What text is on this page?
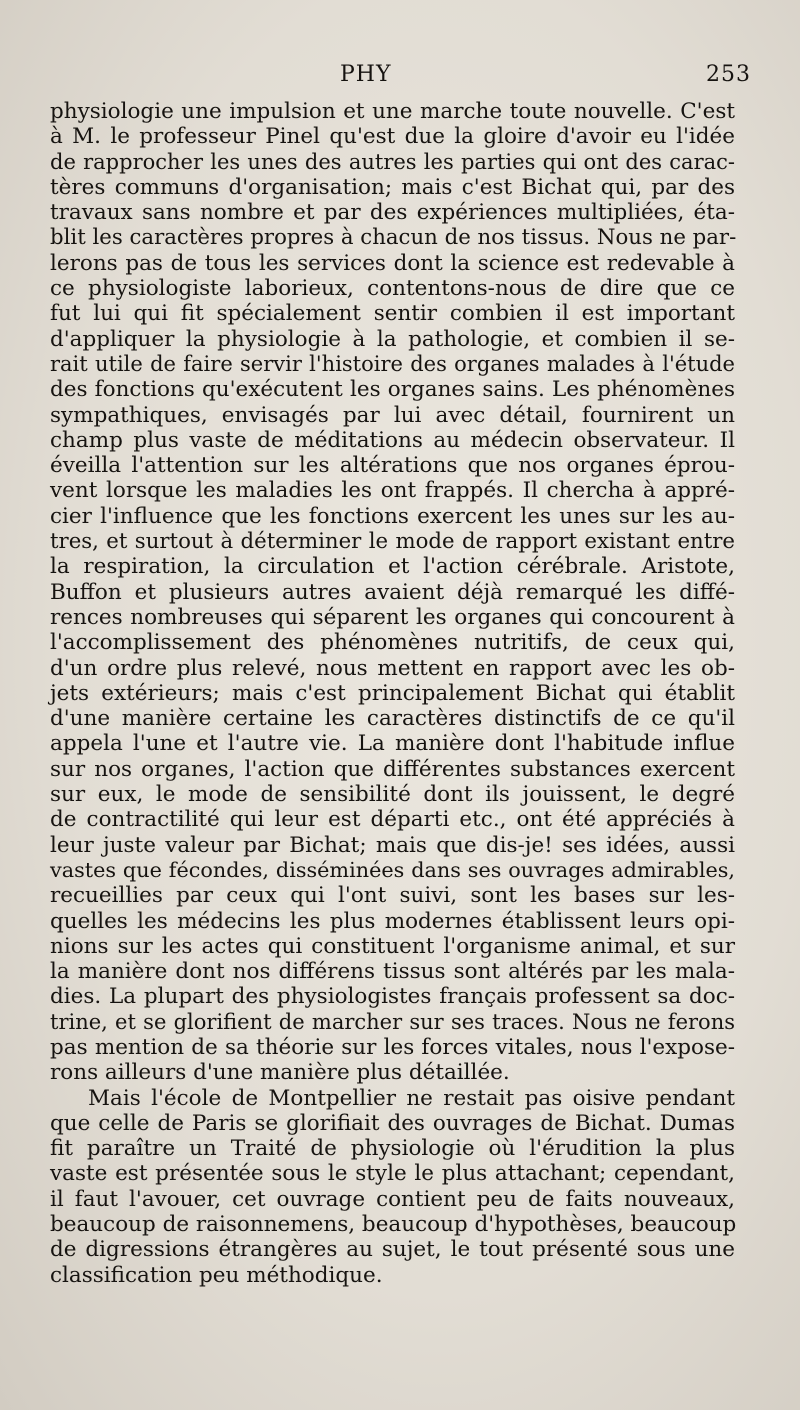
PHY	253
physiologie une impulsion et une marche toute nouvelle. C'est
à M. le professeur Pinel qu'est due la gloire d'avoir eu l'idée
de rapprocher les unes des autres les parties qui ont des carac-
tères communs d'organisation; mais c'est Bichat qui, par des
travaux sans nombre et par des expériences multipliées, éta-
blit les caractères propres à chacun de nos tissus. Nous ne par-
lerons pas de tous les services dont la science est redevable à
ce physiologiste laborieux, contentons-nous de dire que ce
fut lui qui fit spécialement sentir combien il est important
d'appliquer la physiologie à la pathologie, et combien il se-
rait utile de faire servir l'histoire des organes malades à l'étude
des fonctions qu'exécutent les organes sains. Les phénomènes
sympathiques, envisagés par lui avec détail, fournirent un
champ plus vaste de méditations au médecin observateur. Il
éveilla l'attention sur les altérations que nos organes éprou-
vent lorsque les maladies les ont frappés. Il chercha à appré-
cier l'influence que les fonctions exercent les unes sur les au-
tres, et surtout à déterminer le mode de rapport existant entre
la respiration, la circulation et l'action cérébrale. Aristote,
Buffon et plusieurs autres avaient déjà remarqué les diffé-
rences nombreuses qui séparent les organes qui concourent à
l'accomplissement des phénomènes nutritifs, de ceux qui,
d'un ordre plus relevé, nous mettent en rapport avec les ob-
jets extérieurs; mais c'est principalement Bichat qui établit
d'une manière certaine les caractères distinctifs de ce qu'il
appela l'une et l'autre vie. La manière dont l'habitude influe
sur nos organes, l'action que différentes substances exercent
sur eux, le mode de sensibilité dont ils jouissent, le degré
de contractilité qui leur est départi etc., ont été appréciés à
leur juste valeur par Bichat; mais que dis-je! ses idées, aussi
vastes que fécondes, disséminées dans ses ouvrages admirables,
recueillies par ceux qui l'ont suivi, sont les bases sur les-
quelles les médecins les plus modernes établissent leurs opi-
nions sur les actes qui constituent l'organisme animal, et sur
la manière dont nos différens tissus sont altérés par les mala-
dies. La plupart des physiologistes français professent sa doc-
trine, et se glorifient de marcher sur ses traces. Nous ne ferons
pas mention de sa théorie sur les forces vitales, nous l'expose-
rons ailleurs d'une manière plus détaillée.
Mais l'école de Montpellier ne restait pas oisive pendant
que celle de Paris se glorifiait des ouvrages de Bichat. Dumas
fit paraître un Traité de physiologie où l'érudition la plus
vaste est présentée sous le style le plus attachant; cependant,
il faut l'avouer, cet ouvrage contient peu de faits nouveaux,
beaucoup de raisonnemens, beaucoup d'hypothèses, beaucoup
de digressions étrangères au sujet, le tout présenté sous une
classification peu méthodique.
